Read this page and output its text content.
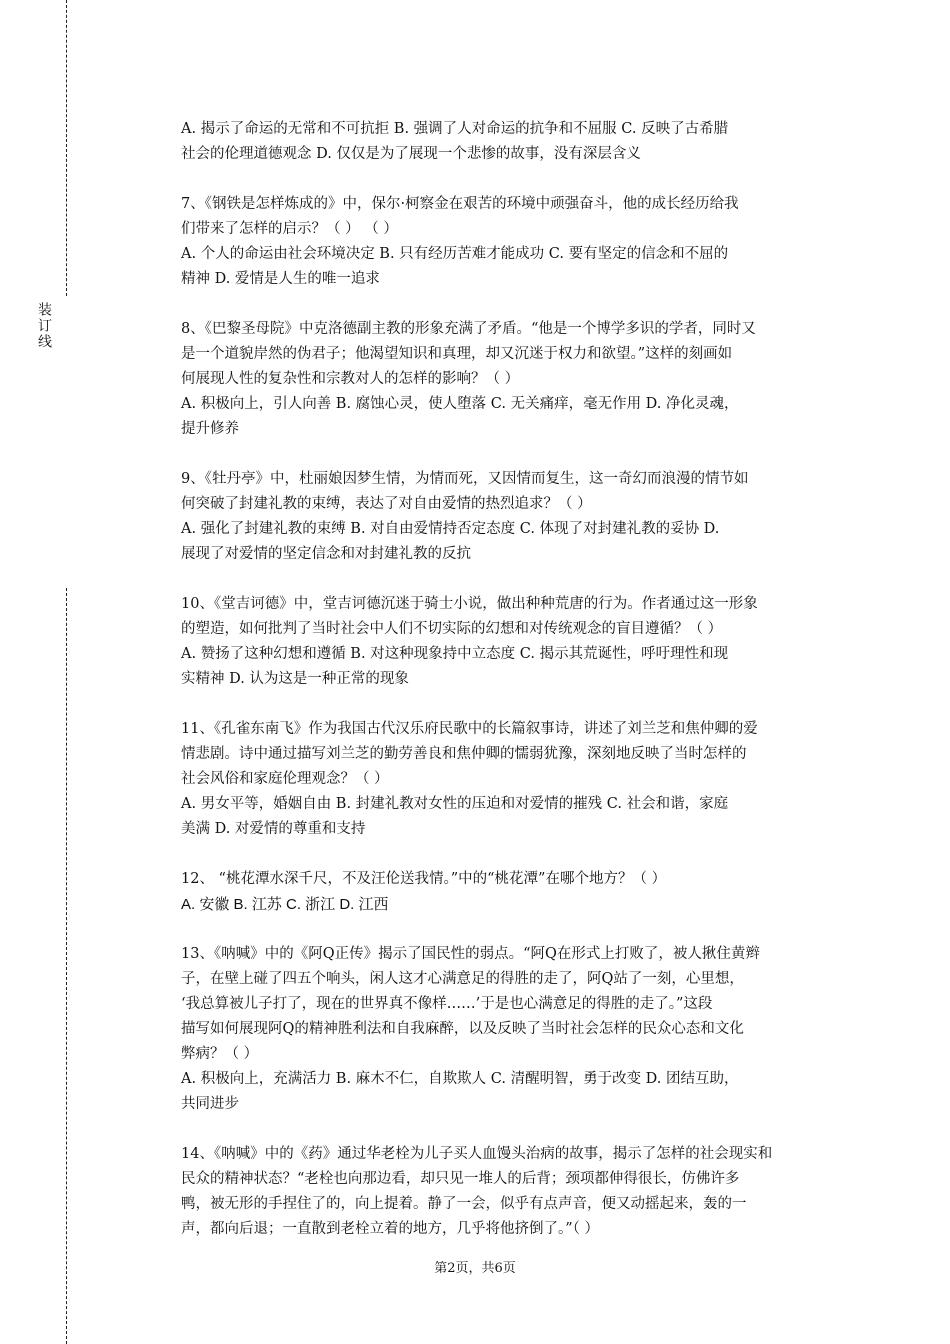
装订线
A. 揭示了命运的无常和不可抗拒 B. 强调了人对命运的抗争和不屈服 C. 反映了古希腊
社会的伦理道德观念 D. 仅仅是为了展现一个悲惨的故事，没有深层含义
7、《钢铁是怎样炼成的》中，保尔·柯察金在艰苦的环境中顽强奋斗，他的成长经历给我
们带来了怎样的启示？（ ） （ ）
A. 个人的命运由社会环境决定 B. 只有经历苦难才能成功 C. 要有坚定的信念和不屈的
精神 D. 爱情是人生的唯一追求
8、《巴黎圣母院》中克洛德副主教的形象充满了矛盾。“他是一个博学多识的学者，同时又
是一个道貌岸然的伪君子；他渴望知识和真理，却又沉迷于权力和欲望。”这样的刻画如
何展现人性的复杂性和宗教对人的怎样的影响？（ ）
A. 积极向上，引人向善 B. 腐蚀心灵，使人堕落 C. 无关痛痒，毫无作用 D. 净化灵魂，
提升修养
9、《牡丹亭》中，杜丽娘因梦生情，为情而死，又因情而复生，这一奇幻而浪漫的情节如
何突破了封建礼教的束缚，表达了对自由爱情的热烈追求？（ ）
A. 强化了封建礼教的束缚 B. 对自由爱情持否定态度 C. 体现了对封建礼教的妥协 D.
展现了对爱情的坚定信念和对封建礼教的反抗
10、《堂吉诃德》中，堂吉诃德沉迷于骑士小说，做出种种荒唐的行为。作者通过这一形象
的塑造，如何批判了当时社会中人们不切实际的幻想和对传统观念的盲目遵循？（ ）
A. 赞扬了这种幻想和遵循 B. 对这种现象持中立态度 C. 揭示其荒诞性，呼吁理性和现
实精神 D. 认为这是一种正常的现象
11、《孔雀东南飞》作为我国古代汉乐府民歌中的长篇叙事诗，讲述了刘兰芝和焦仲卿的爱
情悲剧。诗中通过描写刘兰芝的勤劳善良和焦仲卿的懦弱犹豫，深刻地反映了当时怎样的
社会风俗和家庭伦理观念？（ ）
A. 男女平等，婚姻自由 B. 封建礼教对女性的压迫和对爱情的摧残 C. 社会和谐，家庭
美满 D. 对爱情的尊重和支持
12、 “桃花潭水深千尺，不及汪伦送我情。”中的“桃花潭”在哪个地方？（ ）
A. 安徽 B. 江苏 C. 浙江 D. 江西
13、《呐喊》中的《阿Q正传》揭示了国民性的弱点。“阿Q在形式上打败了，被人揪住黄辫
子，在壁上碰了四五个响头，闲人这才心满意足的得胜的走了，阿Q站了一刻，心里想，
‘我总算被儿子打了，现在的世界真不像样……’于是也心满意足的得胜的走了。”这段
描写如何展现阿Q的精神胜利法和自我麻醉，以及反映了当时社会怎样的民众心态和文化
弊病？（ ）
A. 积极向上，充满活力 B. 麻木不仁，自欺欺人 C. 清醒明智，勇于改变 D. 团结互助，
共同进步
14、《呐喊》中的《药》通过华老栓为儿子买人血馒头治病的故事，揭示了怎样的社会现实和
民众的精神状态？“老栓也向那边看，却只见一堆人的后背；颈项都伸得很长，仿佛许多
鸭，被无形的手捏住了的，向上提着。静了一会，似乎有点声音，便又动摇起来，轰的一
声，都向后退；一直散到老栓立着的地方，几乎将他挤倒了。”（ ）
第2页，共6页
